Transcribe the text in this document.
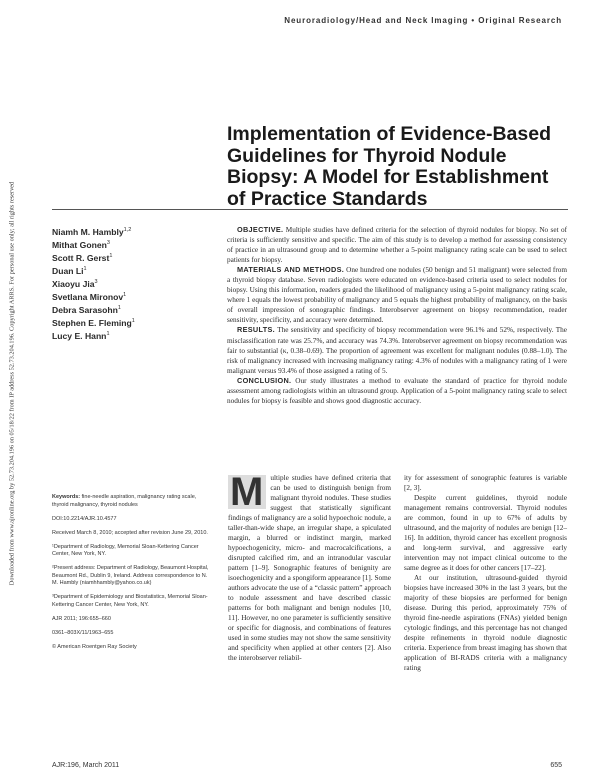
Downloaded from www.ajronline.org by 52.73.204.196 on 05/18/22 from IP address 52.73.204.196. Copyright ARRS. For personal use only; all rights reserved
Neuroradiology/Head and Neck Imaging • Original Research
Implementation of Evidence-Based Guidelines for Thyroid Nodule Biopsy: A Model for Establishment of Practice Standards
Niamh M. Hambly$^{1,2}$
Mithat Gonen$^3$
Scott R. Gerst$^1$
Duan Li$^1$
Xiaoyu Jia$^3$
Svetlana Mironov$^1$
Debra Sarasohn$^1$
Stephen E. Fleming$^1$
Lucy E. Hann$^1$

OBJECTIVE. Multiple studies have defined criteria for the selection of thyroid nodules for biopsy. No set of criteria is sufficiently sensitive and specific. The aim of this study is to develop a method for assessing consistency of practice in an ultrasound group and to determine whether a 5-point malignancy rating scale can be used to select patients for biopsy.

MATERIALS AND METHODS. One hundred one nodules (50 benign and 51 malignant) were selected from a thyroid biopsy database. Seven radiologists were educated on evidence-based criteria used to select nodules for biopsy. Using this information, readers graded the likelihood of malignancy using a 5-point malignancy rating scale, where 1 equals the lowest probability of malignancy and 5 equals the highest probability of malignancy, on the basis of overall impression of sonographic findings. Interobserver agreement on biopsy recommendation, reader sensitivity, specificity, and accuracy were determined.

RESULTS. The sensitivity and specificity of biopsy recommendation were 96.1% and 52%, respectively. The misclassification rate was 25.7%, and accuracy was 74.3%. Interobserver agreement on biopsy recommendation was fair to substantial (κ, 0.38–0.69). The proportion of agreement was excellent for malignant nodules (0.88–1.0). The risk of malignancy increased with increasing malignancy rating: 4.3% of nodules with a malignancy rating of 1 were malignant versus 93.4% of those assigned a rating of 5.

CONCLUSION. Our study illustrates a method to evaluate the standard of practice for thyroid nodule assessment among radiologists within an ultrasound group. Application of a 5-point malignancy rating scale to select nodules for biopsy is feasible and shows good diagnostic accuracy.

Keywords: fine-needle aspiration, malignancy rating scale, thyroid malignancy, thyroid nodules

DOI:10.2214/AJR.10.4577

Received March 8, 2010; accepted after revision June 29, 2010.

¹Department of Radiology, Memorial Sloan-Kettering Cancer Center, New York, NY.

²Present address: Department of Radiology, Beaumont Hospital, Beaumont Rd., Dublin 9, Ireland. Address correspondence to N. M. Hambly (niamhhambly@yahoo.co.uk)

³Department of Epidemiology and Biostatistics, Memorial Sloan-Kettering Cancer Center, New York, NY.

AJR 2011; 196:655–660

0361–803X/11/1963–655

© American Roentgen Ray Society

M ultiple studies have defined criteria that can be used to distinguish benign from malignant thyroid nodules. These studies suggest that statistically significant findings of malignancy are a solid hypoechoic nodule, a taller-than-wide shape, an irregular shape, a spiculated margin, a blurred or indistinct margin, marked hypoechogenicity, micro- and macrocalcifications, a disrupted calcified rim, and an intranodular vascular pattern [1–9]. Sonographic features of benignity are isoechogenicity and a spongiform appearance [1]. Some authors advocate the use of a “classic pattern” approach to nodule assessment and have described classic patterns for both malignant and benign nodules [10, 11]. However, no one parameter is sufficiently sensitive or specific for diagnosis, and combinations of features used in some studies may not show the same sensitivity and specificity when applied at other centers [2]. Also the interobserver reliabil-

ity for assessment of sonographic features is variable [2, 3].

Despite current guidelines, thyroid nodule management remains controversial. Thyroid nodules are common, found in up to 67% of adults by ultrasound, and the majority of nodules are benign [12–16]. In addition, thyroid cancer has excellent prognosis and long-term survival, and aggressive early intervention may not impact clinical outcome to the same degree as it does for other cancers [17–22].

At our institution, ultrasound-guided thyroid biopsies have increased 30% in the last 3 years, but the majority of these biopsies are performed for benign disease. During this period, approximately 75% of thyroid fine-needle aspirations (FNAs) yielded benign cytologic findings, and this percentage has not changed despite refinements in thyroid nodule diagnostic criteria. Experience from breast imaging has shown that application of BI-RADS criteria with a malignancy rating

AJR:196, March 2011	655
